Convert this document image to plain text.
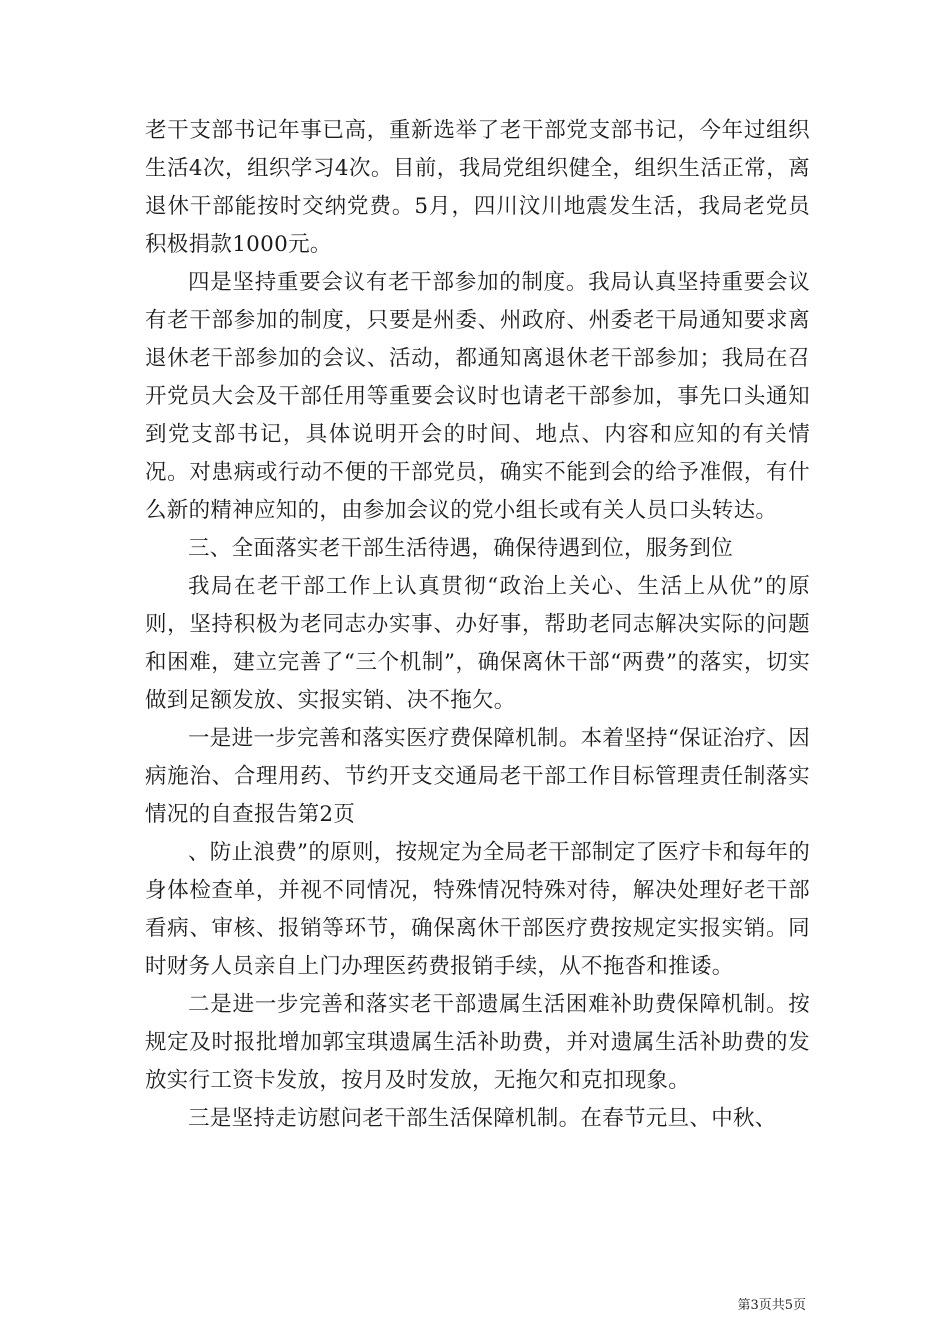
老干支部书记年事已高，重新选举了老干部党支部书记，今年过组织生活4次，组织学习4次。目前，我局党组织健全，组织生活正常，离退休干部能按时交纳党费。5月，四川汶川地震发生活，我局老党员积极捐款1000元。

四是坚持重要会议有老干部参加的制度。我局认真坚持重要会议有老干部参加的制度，只要是州委、州政府、州委老干局通知要求离退休老干部参加的会议、活动，都通知离退休老干部参加；我局在召开党员大会及干部任用等重要会议时也请老干部参加，事先口头通知到党支部书记，具体说明开会的时间、地点、内容和应知的有关情况。对患病或行动不便的干部党员，确实不能到会的给予准假，有什么新的精神应知的，由参加会议的党小组长或有关人员口头转达。

三、全面落实老干部生活待遇，确保待遇到位，服务到位

我局在老干部工作上认真贯彻“政治上关心、生活上从优”的原则，坚持积极为老同志办实事、办好事，帮助老同志解决实际的问题和困难，建立完善了“三个机制”，确保离休干部“两费”的落实，切实做到足额发放、实报实销、决不拖欠。

一是进一步完善和落实医疗费保障机制。本着坚持“保证治疗、因病施治、合理用药、节约开支交通局老干部工作目标管理责任制落实情况的自查报告第2页

、防止浪费”的原则，按规定为全局老干部制定了医疗卡和每年的身体检查单，并视不同情况，特殊情况特殊对待，解决处理好老干部看病、审核、报销等环节，确保离休干部医疗费按规定实报实销。同时财务人员亲自上门办理医药费报销手续，从不拖沓和推诿。

二是进一步完善和落实老干部遗属生活困难补助费保障机制。按规定及时报批增加郭宝琪遗属生活补助费，并对遗属生活补助费的发放实行工资卡发放，按月及时发放，无拖欠和克扣现象。

三是坚持走访慰问老干部生活保障机制。在春节元旦、中秋、

第3页共5页
